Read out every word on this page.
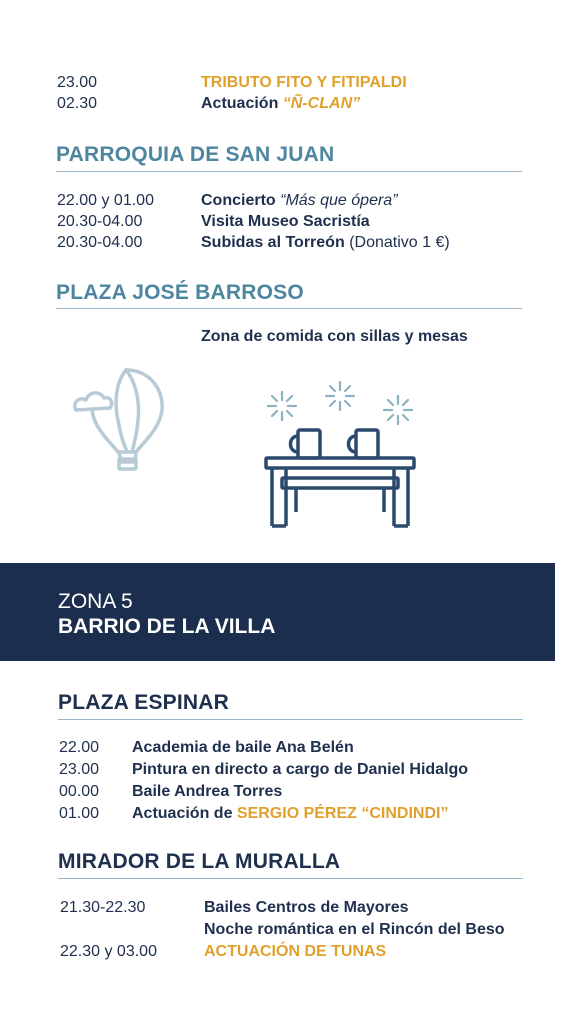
23.00	TRIBUTO FITO Y FITIPALDI
02.30	Actuación “Ñ-CLAN”
PARROQUIA DE SAN JUAN
22.00 y 01.00	Concierto “Más que ópera”
20.30-04.00	Visita Museo Sacristía
20.30-04.00	Subidas al Torreón (Donativo 1 €)
PLAZA JOSÉ BARROSO
Zona de comida con sillas y mesas
ZONA 5
BARRIO DE LA VILLA
PLAZA ESPINAR
22.00 Academia de baile Ana Belén
23.00 Pintura en directo a cargo de Daniel Hidalgo
00.00 Baile Andrea Torres
01.00 Actuación de SERGIO PÉREZ “CINDINDI”
MIRADOR DE LA MURALLA
21.30-22.30	Bailes Centros de Mayores
Noche romántica en el Rincón del Beso
22.30 y 03.00	ACTUACIÓN DE TUNAS
